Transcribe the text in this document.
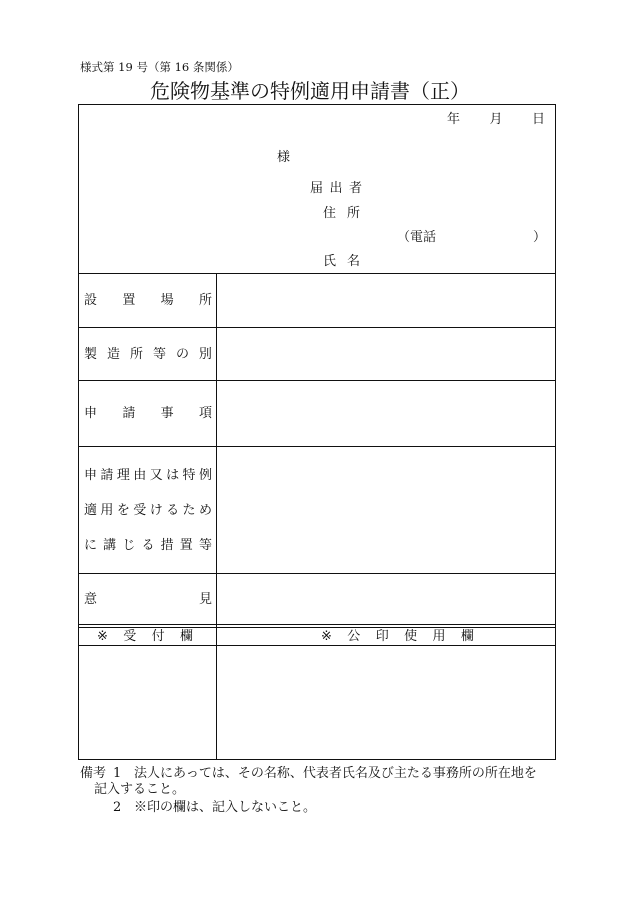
様式第 19 号（第 16 条関係）
危険物基準の特例適用申請書（正）
年 月 日
様
届 出 者
住 所
（電話	）
氏 名
設 置 場 所
製 造 所 等 の 別
申 請 事 項
申 請 理 由 又 は 特 例
適 用 を 受 け る た め
に 講 じ る 措 置 等
意	見
※ 受 付 欄	※ 公 印 使 用 欄
備考 1 法人にあっては、その名称、代表者氏名及び主たる事務所の所在地を
記入すること。
2 ※印の欄は、記入しないこと。
